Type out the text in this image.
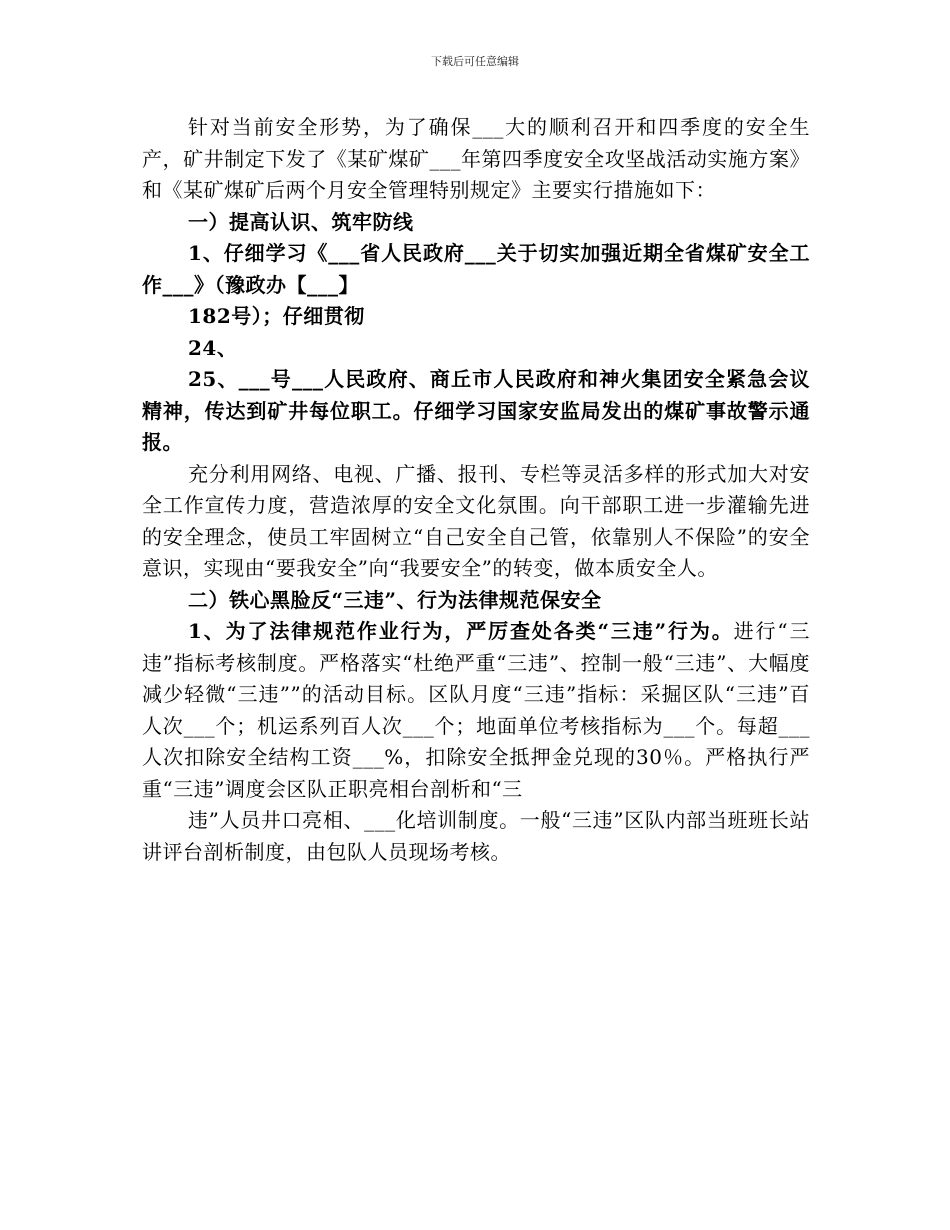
下载后可任意编辑

针对当前安全形势，为了确保___大的顺利召开和四季度的安全生产，矿井制定下发了《某矿煤矿___年第四季度安全攻坚战活动实施方案》和《某矿煤矿后两个月安全管理特别规定》主要实行措施如下：

一）提高认识、筑牢防线

1、仔细学习《___省人民政府___关于切实加强近期全省煤矿安全工作___》（豫政办【___】

182号）；仔细贯彻

24、

25、___号___人民政府、商丘市人民政府和神火集团安全紧急会议精神，传达到矿井每位职工。仔细学习国家安监局发出的煤矿事故警示通报。

充分利用网络、电视、广播、报刊、专栏等灵活多样的形式加大对安全工作宣传力度，营造浓厚的安全文化氛围。向干部职工进一步灌输先进的安全理念，使员工牢固树立“自己安全自己管，依靠别人不保险”的安全意识，实现由“要我安全”向“我要安全”的转变，做本质安全人。

二）铁心黑脸反“三违”、行为法律规范保安全

1、为了法律规范作业行为，严厉查处各类“三违”行为。进行“三违”指标考核制度。严格落实“杜绝严重“三违”、控制一般“三违”、大幅度减少轻微“三违””的活动目标。区队月度“三违”指标：采掘区队“三违”百人次___个；机运系列百人次___个；地面单位考核指标为___个。每超___人次扣除安全结构工资___%，扣除安全抵押金兑现的30％。严格执行严重“三违”调度会区队正职亮相台剖析和“三

违”人员井口亮相、___化培训制度。一般“三违”区队内部当班班长站讲评台剖析制度，由包队人员现场考核。
